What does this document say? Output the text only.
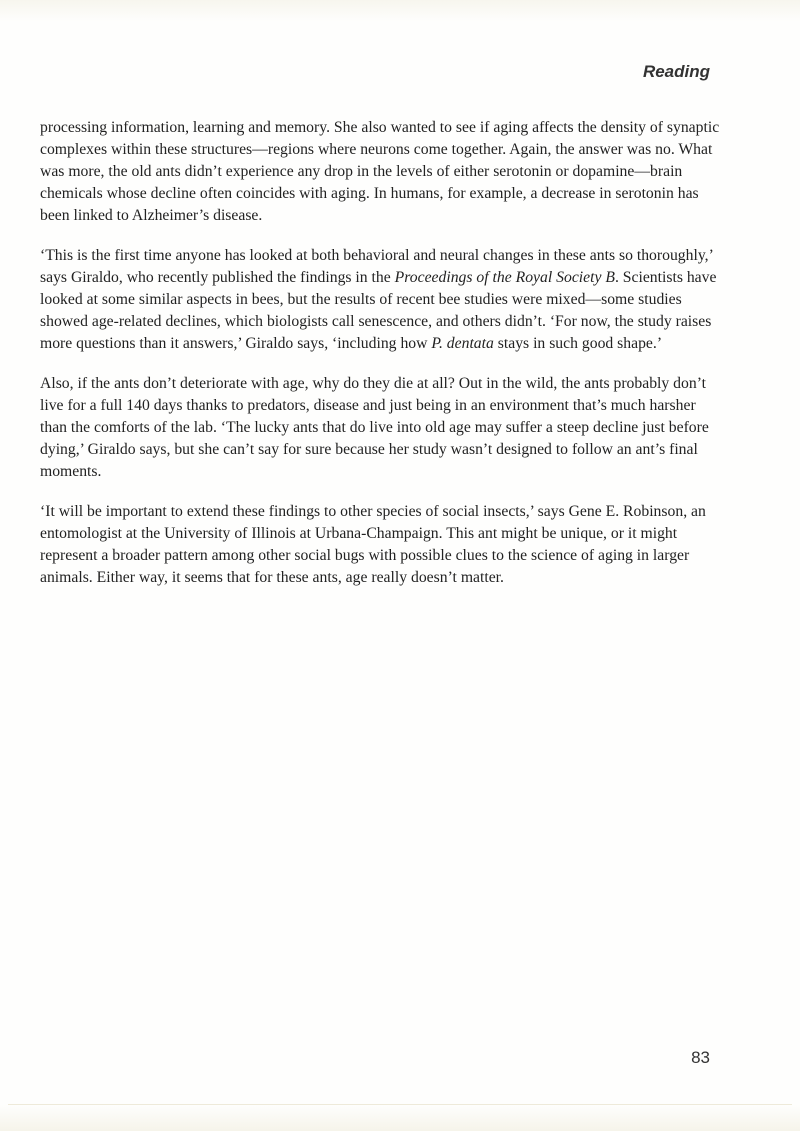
Reading

processing information, learning and memory. She also wanted to see if aging affects the density of synaptic complexes within these structures—regions where neurons come together. Again, the answer was no. What was more, the old ants didn’t experience any drop in the levels of either serotonin or dopamine—brain chemicals whose decline often coincides with aging. In humans, for example, a decrease in serotonin has been linked to Alzheimer’s disease.

‘This is the first time anyone has looked at both behavioral and neural changes in these ants so thoroughly,’ says Giraldo, who recently published the findings in the Proceedings of the Royal Society B. Scientists have looked at some similar aspects in bees, but the results of recent bee studies were mixed—some studies showed age-related declines, which biologists call senescence, and others didn’t. ‘For now, the study raises more questions than it answers,’ Giraldo says, ‘including how P. dentata stays in such good shape.’

Also, if the ants don’t deteriorate with age, why do they die at all? Out in the wild, the ants probably don’t live for a full 140 days thanks to predators, disease and just being in an environment that’s much harsher than the comforts of the lab. ‘The lucky ants that do live into old age may suffer a steep decline just before dying,’ Giraldo says, but she can’t say for sure because her study wasn’t designed to follow an ant’s final moments.

‘It will be important to extend these findings to other species of social insects,’ says Gene E. Robinson, an entomologist at the University of Illinois at Urbana-Champaign. This ant might be unique, or it might represent a broader pattern among other social bugs with possible clues to the science of aging in larger animals. Either way, it seems that for these ants, age really doesn’t matter.

83
